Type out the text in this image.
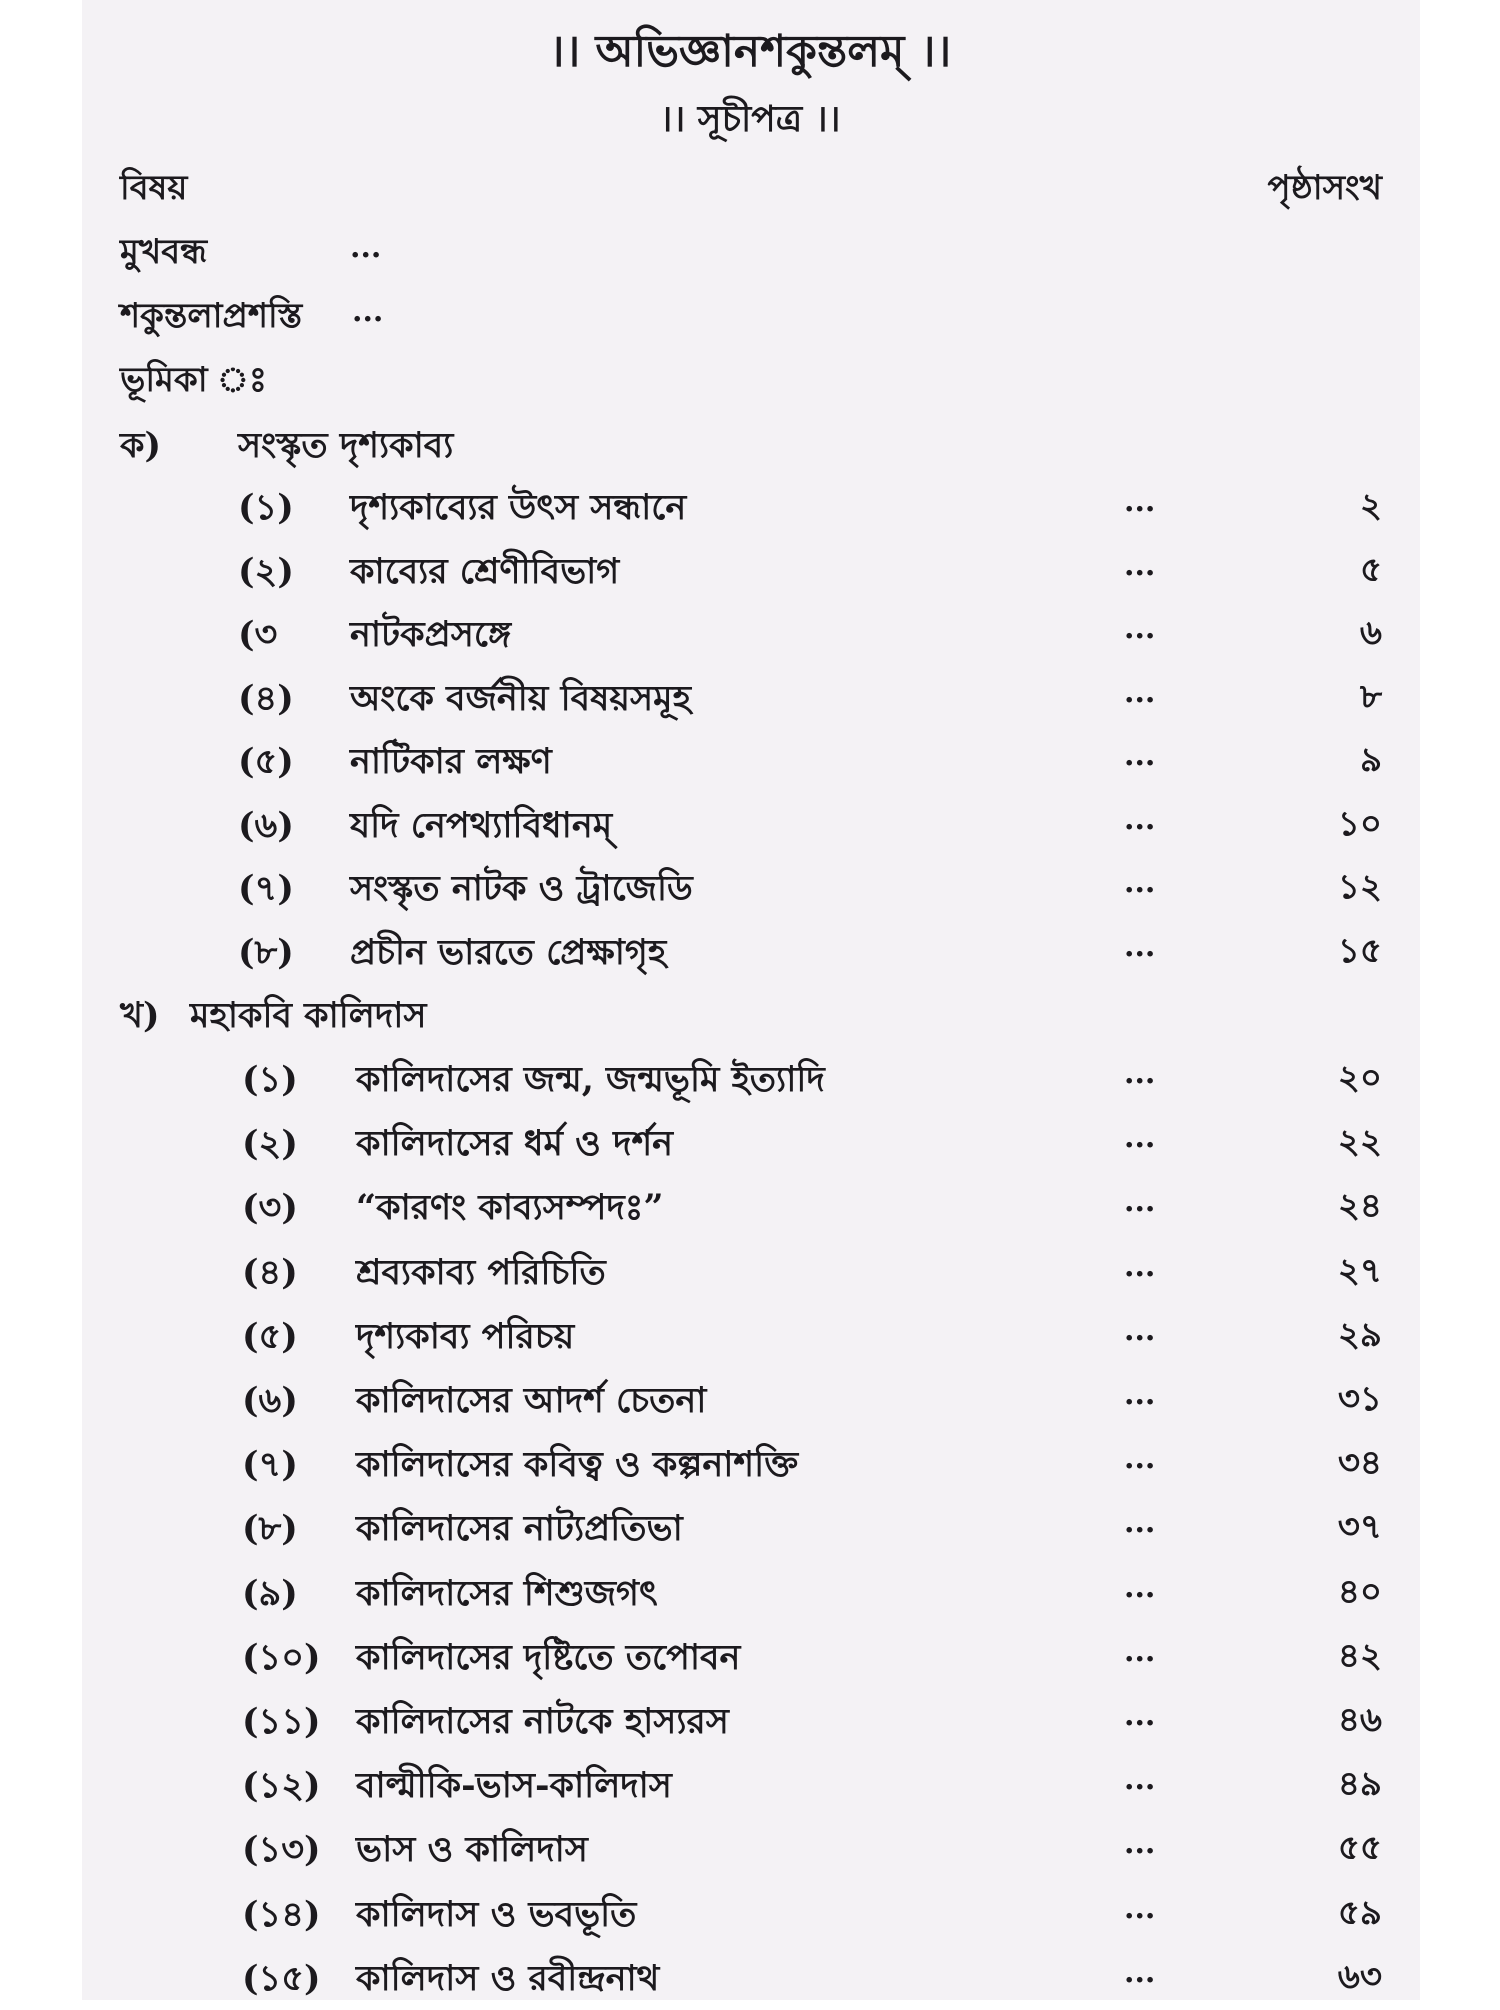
।। অভিজ্ঞানশকুন্তলম্ ।।
।। সূচীপত্র ।।
বিষয়	পৃষ্ঠাসংখ
মুখবন্ধ	...
শকুন্তলাপ্রশস্তি ...
ভূমিকা ঃ
ক) সংস্কৃত দৃশ্যকাব্য
(১) দৃশ্যকাব্যের উৎস সন্ধানে	...	২
(২) কাব্যের শ্রেণীবিভাগ	...	৫
(৩ নাটকপ্রসঙ্গে	...	৬
(৪) অংকে বর্জনীয় বিষয়সমূহ	...	৮
(৫) নাটিকার লক্ষণ	...	৯
(৬) যদি নেপথ্যাবিধানম্	...	১০
(৭) সংস্কৃত নাটক ও ট্রাজেডি	...	১২
(৮) প্রচীন ভারতে প্রেক্ষাগৃহ	...	১৫
খ) মহাকবি কালিদাস
(১) কালিদাসের জন্ম, জন্মভূমি ইত্যাদি	...	২০
(২) কালিদাসের ধর্ম ও দর্শন	...	২২
(৩) “কারণং কাব্যসম্পদঃ”	...	২৪
(৪) শ্রব্যকাব্য পরিচিতি	...	২৭
(৫) দৃশ্যকাব্য পরিচয়	...	২৯
(৬) কালিদাসের আদর্শ চেতনা	...	৩১
(৭) কালিদাসের কবিত্ব ও কল্পনাশক্তি	...	৩৪
(৮) কালিদাসের নাট্যপ্রতিভা	...	৩৭
(৯) কালিদাসের শিশুজগৎ	...	৪০
(১০) কালিদাসের দৃষ্টিতে তপোবন	...	৪২
(১১) কালিদাসের নাটকে হাস্যরস	...	৪৬
(১২) বাল্মীকি-ভাস-কালিদাস	...	৪৯
(১৩) ভাস ও কালিদাস	...	৫৫
(১৪) কালিদাস ও ভবভূতি	...	৫৯
(১৫) কালিদাস ও রবীন্দ্রনাথ	...	৬৩
